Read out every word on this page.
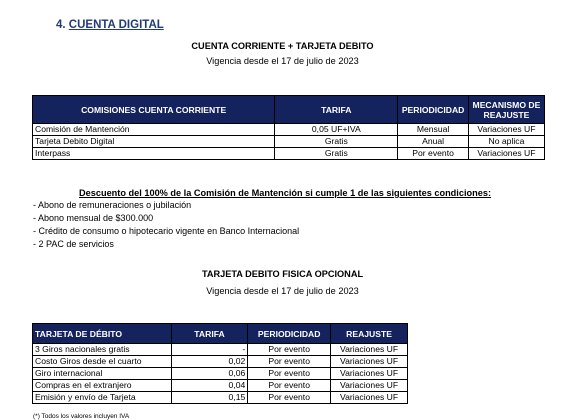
4. CUENTA DIGITAL
CUENTA CORRIENTE + TARJETA DEBITO
Vigencia desde el 17 de julio de 2023
COMISIONES CUENTA CORRIENTE	TARIFA	PERIODICIDAD	MECANISMO DE REAJUSTE
Comisión de Mantención	0,05 UF+IVA	Mensual	Variaciones UF
Tarjeta Debito Digital	Gratis	Anual	No aplica
Interpass	Gratis	Por evento	Variaciones UF
Descuento del 100% de la Comisión de Mantención si cumple 1 de las siguientes condiciones:
- Abono de remuneraciones o jubilación
- Abono mensual de $300.000
- Crédito de consumo o hipotecario vigente en Banco Internacional
- 2 PAC de servicios
TARJETA DEBITO FISICA OPCIONAL
Vigencia desde el 17 de julio de 2023
TARJETA DE DÉBITO	TARIFA	PERIODICIDAD	REAJUSTE
3 Giros nacionales gratis	-	Por evento	Variaciones UF
Costo Giros desde el cuarto	0,02	Por evento	Variaciones UF
Giro internacional	0,06	Por evento	Variaciones UF
Compras en el extranjero	0,04	Por evento	Variaciones UF
Emisión y envío de Tarjeta	0,15	Por evento	Variaciones UF
(*) Todos los valores incluyen IVA
